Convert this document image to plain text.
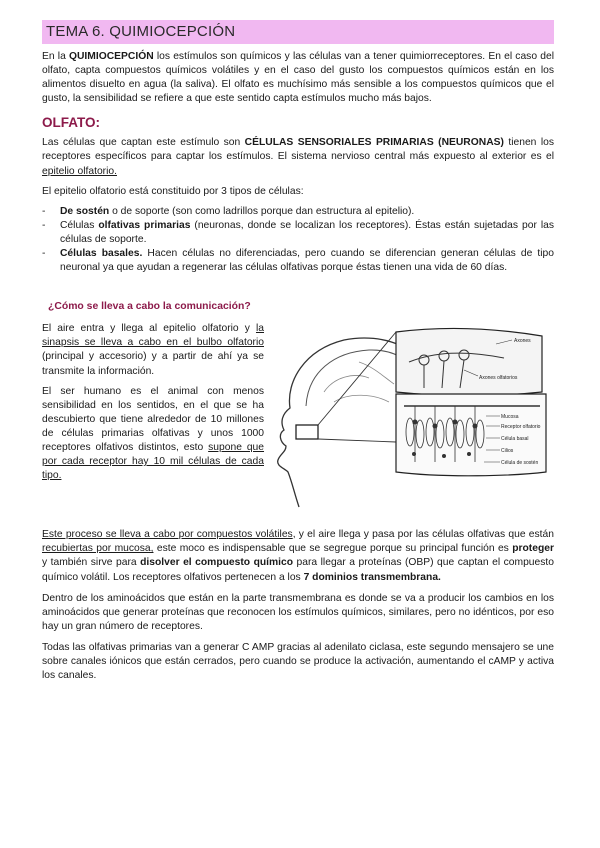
TEMA 6. QUIMIOCEPCIÓN

En la QUIMIOCEPCIÓN los estímulos son químicos y las células van a tener quimiorreceptores. En el caso del olfato, capta compuestos químicos volátiles y en el caso del gusto los compuestos químicos están en los alimentos disuelto en agua (la saliva). El olfato es muchísimo más sensible a los compuestos químicos que el gusto, la sensibilidad se refiere a que este sentido capta estímulos mucho más bajos.

OLFATO:

Las células que captan este estímulo son CÉLULAS SENSORIALES PRIMARIAS (NEURONAS) tienen los receptores específicos para captar los estímulos. El sistema nervioso central más expuesto al exterior es el epitelio olfatorio.

El epitelio olfatorio está constituido por 3 tipos de células:

- De sostén o de soporte (son como ladrillos porque dan estructura al epitelio).
- Células olfativas primarias (neuronas, donde se localizan los receptores). Éstas están sujetadas por las células de soporte.
- Células basales. Hacen células no diferenciadas, pero cuando se diferencian generan células de tipo neuronal ya que ayudan a regenerar las células olfativas porque éstas tienen una vida de 60 días.
¿Cómo se lleva a cabo la comunicación?

El aire entra y llega al epitelio olfatorio y la sinapsis se lleva a cabo en el bulbo olfatorio (principal y accesorio) y a partir de ahí ya se transmite la información.

El ser humano es el animal con menos sensibilidad en los sentidos, en el que se ha descubierto que tiene alrededor de 10 millones de células primarias olfativas y unos 1000 receptores olfativos distintos, esto supone que por cada receptor hay 10 mil células de cada tipo.

Axones
Axones olfatorios
Mucosa
Receptor olfatorio
Célula basal
Cilios
Célula de sostén

Este proceso se lleva a cabo por compuestos volátiles, y el aire llega y pasa por las células olfativas que están recubiertas por mucosa, este moco es indispensable que se segregue porque su principal función es proteger y también sirve para disolver el compuesto químico para llegar a proteínas (OBP) que captan el compuesto químico volátil. Los receptores olfativos pertenecen a los 7 dominios transmembrana.

Dentro de los aminoácidos que están en la parte transmembrana es donde se va a producir los cambios en los aminoácidos que generar proteínas que reconocen los estímulos químicos, similares, pero no idénticos, por eso hay un gran número de receptores.

Todas las olfativas primarias van a generar C AMP gracias al adenilato ciclasa, este segundo mensajero se une sobre canales iónicos que están cerrados, pero cuando se produce la activación, aumentando el cAMP y activa los canales.
